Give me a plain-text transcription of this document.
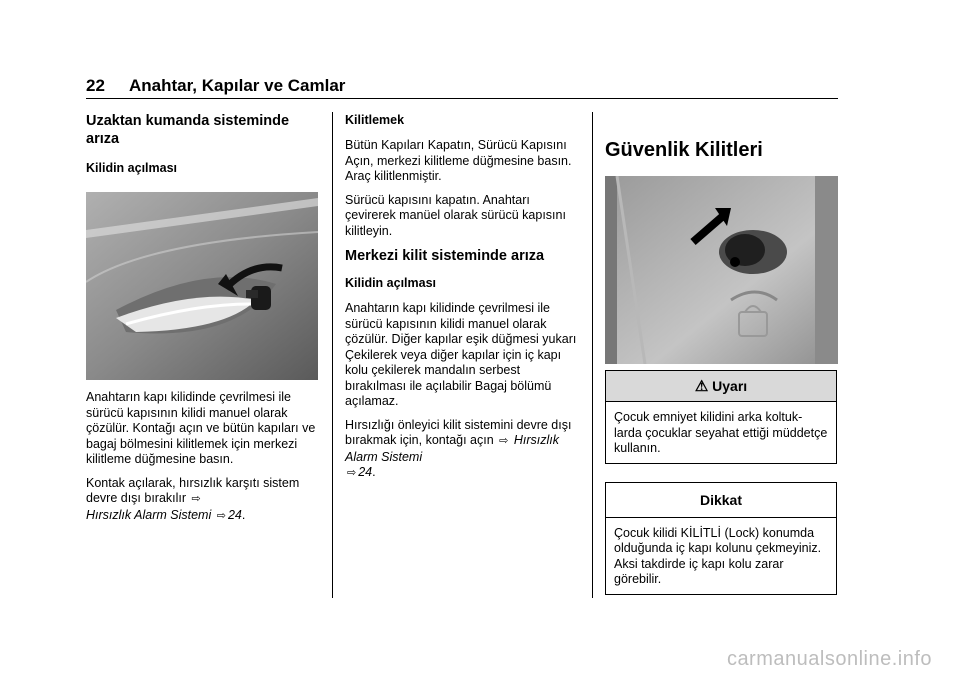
22 Anahtar, Kapılar ve Camlar
Uzaktan kumanda sisteminde arıza
Kilidin açılması

Anahtarın kapı kilidinde çevrilmesi ile sürücü kapısının kilidi manuel olarak çözülür. Kontağı açın ve bütün kapıları ve bagaj bölmesini kilitlemek için merkezi kilitleme düğmesine basın.

Kontak açılarak, hırsızlık karşıtı sistem devre dışı bırakılır ⇨
Hırsızlık Alarm Sistemi ⇨ 24.

Kilitlemek

Bütün Kapıları Kapatın, Sürücü Kapısını Açın, merkezi kilitleme düğmesine basın. Araç kilitlenmiştir.

Sürücü kapısını kapatın. Anahtarı çevirerek manüel olarak sürücü kapısını kilitleyin.

Merkezi kilit sisteminde arıza
Kilidin açılması

Anahtarın kapı kilidinde çevrilmesi ile sürücü kapısının kilidi manuel olarak çözülür. Diğer kapılar eşik düğmesi yukarı Çekilerek veya diğer kapılar için iç kapı kolu çekilerek mandalın serbest bırakılması ile açılabilir Bagaj bölümü açılamaz.

Hırsızlığı önleyici kilit sistemini devre dışı bırakmak için, kontağı açın ⇨ Hırsızlık Alarm Sistemi
⇨ 24.

Güvenlik Kilitleri
⚠ Uyarı
Çocuk emniyet kilidini arka koltuk-larda çocuklar seyahat ettiği müddetçe kullanın.
Dikkat
Çocuk kilidi KİLİTLİ (Lock) konumda olduğunda iç kapı kolunu çekmeyiniz. Aksi takdirde iç kapı kolu zarar görebilir.
carmanualsonline.info
